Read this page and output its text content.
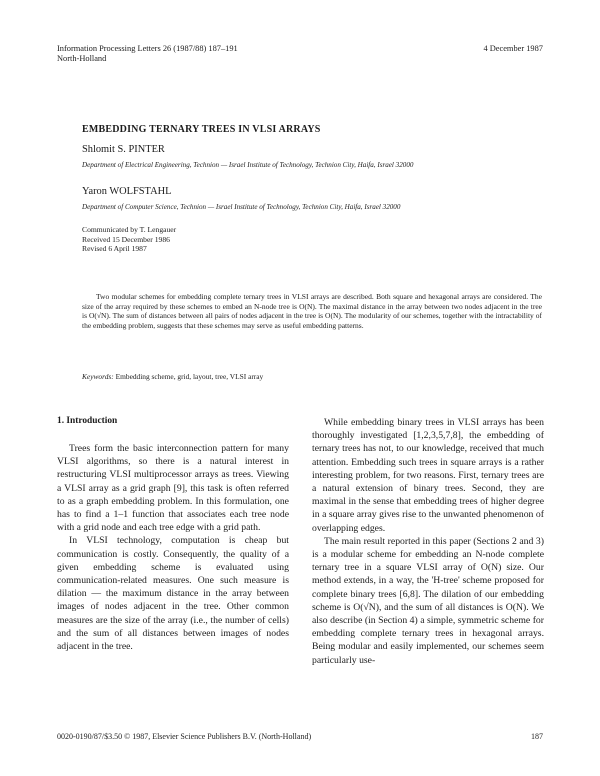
Information Processing Letters 26 (1987/88) 187–191
North-Holland
4 December 1987
EMBEDDING TERNARY TREES IN VLSI ARRAYS
Shlomit S. PINTER
Department of Electrical Engineering, Technion — Israel Institute of Technology, Technion City, Haifa, Israel 32000
Yaron WOLFSTAHL
Department of Computer Science, Technion — Israel Institute of Technology, Technion City, Haifa, Israel 32000
Communicated by T. Lengauer
Received 15 December 1986
Revised 6 April 1987
Two modular schemes for embedding complete ternary trees in VLSI arrays are described. Both square and hexagonal arrays are considered. The size of the array required by these schemes to embed an N-node tree is O(N). The maximal distance in the array between two nodes adjacent in the tree is O(√N). The sum of distances between all pairs of nodes adjacent in the tree is O(N). The modularity of our schemes, together with the intractability of the embedding problem, suggests that these schemes may serve as useful embedding patterns.
Keywords: Embedding scheme, grid, layout, tree, VLSI array
1. Introduction

Trees form the basic interconnection pattern for many VLSI algorithms, so there is a natural interest in restructuring VLSI multiprocessor arrays as trees. Viewing a VLSI array as a grid graph [9], this task is often referred to as a graph embedding problem. In this formulation, one has to find a 1–1 function that associates each tree node with a grid node and each tree edge with a grid path.

In VLSI technology, computation is cheap but communication is costly. Consequently, the quality of a given embedding scheme is evaluated using communication-related measures. One such measure is dilation — the maximum distance in the array between images of nodes adjacent in the tree. Other common measures are the size of the array (i.e., the number of cells) and the sum of all distances between images of nodes adjacent in the tree.

While embedding binary trees in VLSI arrays has been thoroughly investigated [1,2,3,5,7,8], the embedding of ternary trees has not, to our knowledge, received that much attention. Embedding such trees in square arrays is a rather interesting problem, for two reasons. First, ternary trees are a natural extension of binary trees. Second, they are maximal in the sense that embedding trees of higher degree in a square array gives rise to the unwanted phenomenon of overlapping edges.

The main result reported in this paper (Sections 2 and 3) is a modular scheme for embedding an N-node complete ternary tree in a square VLSI array of O(N) size. Our method extends, in a way, the 'H-tree' scheme proposed for complete binary trees [6,8]. The dilation of our embedding scheme is O(√N), and the sum of all distances is O(N). We also describe (in Section 4) a simple, symmetric scheme for embedding complete ternary trees in hexagonal arrays. Being modular and easily implemented, our schemes seem particularly use-

0020-0190/87/$3.50 © 1987, Elsevier Science Publishers B.V. (North-Holland)	187
